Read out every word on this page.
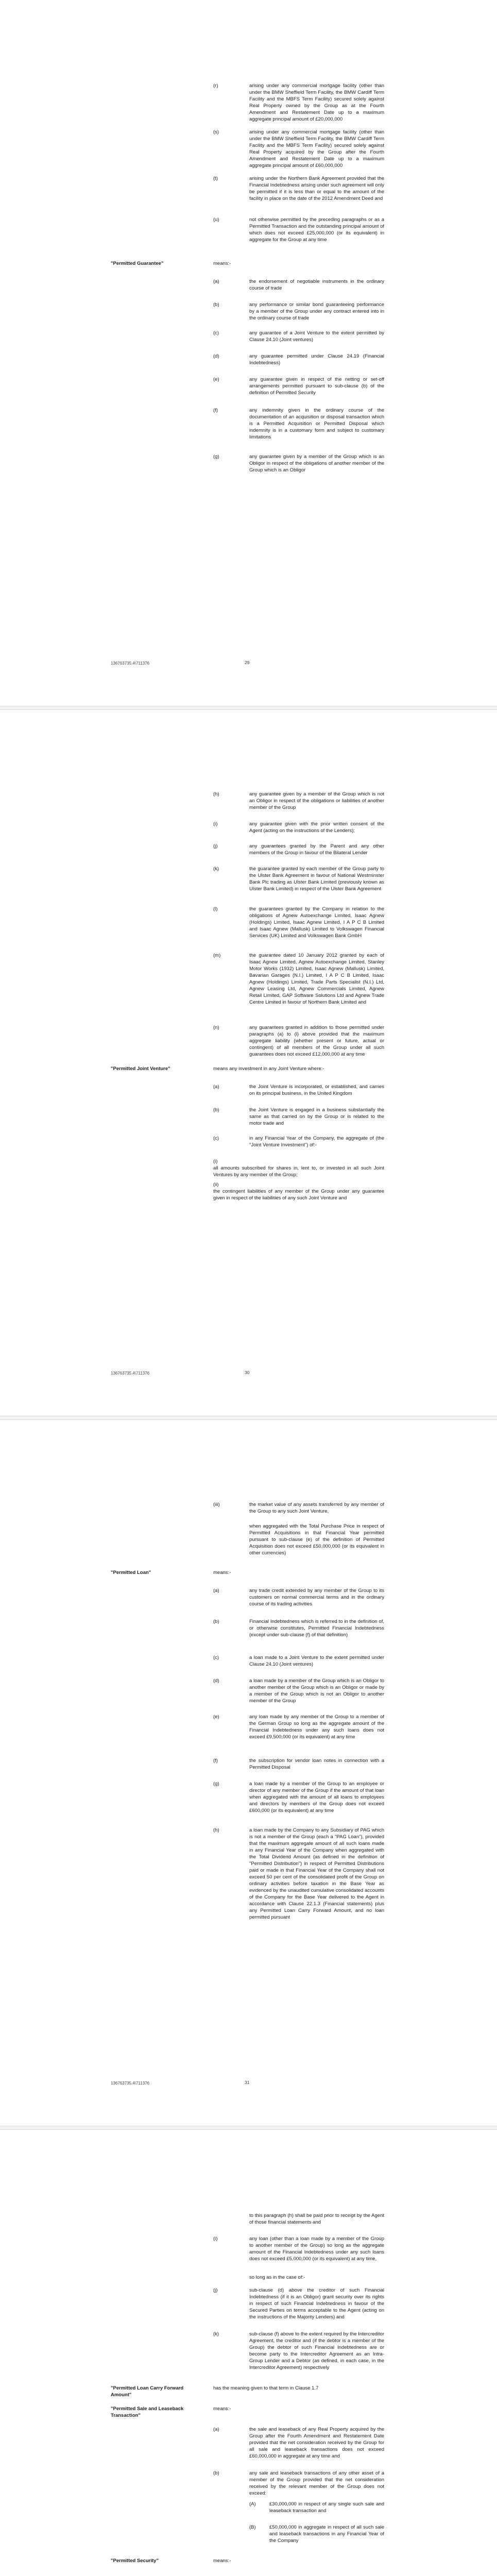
(r)	arising under any commercial mortgage facility (other than under the BMW Sheffield Term Facility, the BMW Cardiff Term Facility and the MBFS Term Facility) secured solely against Real Property owned by the Group as at the Fourth Amendment and Restatement Date up to a maximum aggregate principal amount of £20,000,000
(s)	arising under any commercial mortgage facility (other than under the BMW Sheffield Term Facility, the BMW Cardiff Term Facility and the MBFS Term Facility) secured solely against Real Property acquired by the Group after the Fourth Amendment and Restatement Date up to a maximum aggregate principal amount of £60,000,000
(t)	arising under the Northern Bank Agreement provided that the Financial Indebtedness arising under such agreement will only be permitted if it is less than or equal to the amount of the facility in place on the date of the 2012 Amendment Deed and
(u)	not otherwise permitted by the preceding paragraphs or as a Permitted Transaction and the outstanding principal amount of which does not exceed £25,000,000 (or its equivalent) in aggregate for the Group at any time
"Permitted Guarantee"	means:-
(a)	the endorsement of negotiable instruments in the ordinary course of trade
(b)	any performance or similar bond guaranteeing performance by a member of the Group under any contract entered into in the ordinary course of trade
(c)	any guarantee of a Joint Venture to the extent permitted by Clause 24.10 (Joint ventures)
(d)	any guarantee permitted under Clause 24.19 (Financial Indebtedness)
(e)	any guarantee given in respect of the netting or set-off arrangements permitted pursuant to sub-clause (b) of the definition of Permitted Security
(f)	any indemnity given in the ordinary course of the documentation of an acquisition or disposal transaction which is a Permitted Acquisition or Permitted Disposal which indemnity is in a customary form and subject to customary limitations
(g)	any guarantee given by a member of the Group which is an Obligor in respect of the obligations of another member of the Group which is an Obligor
136763735.4\711376	29
(h)	any guarantee given by a member of the Group which is not an Obligor in respect of the obligations or liabilities of another member of the Group
(i)	any guarantee given with the prior written consent of the Agent (acting on the instructions of the Lenders);
(j)	any guarantees granted by the Parent and any other members of the Group in favour of the Bilateral Lender
(k)	the guarantee granted by each member of the Group party to the Ulster Bank Agreement in favour of National Westminster Bank Plc trading as Ulster Bank Limited (previously known as Ulster Bank Limited) in respect of the Ulster Bank Agreement
(l)	the guarantees granted by the Company in relation to the obligations of Agnew Autoexchange Limited, Isaac Agnew (Holdings) Limited, Isaac Agnew Limited, I A P C B Limited and Isaac Agnew (Mallusk) Limited to Volkswagen Financial Services (UK) Limited and Volkswagen Bank GmbH
(m)	the guarantee dated 10 January 2012 granted by each of Isaac Agnew Limited, Agnew Autoexchange Limited, Stanley Motor Works (1932) Limited, Isaac Agnew (Mallusk) Limited, Bavarian Garages (N.I.) Limited, I A P C B Limited, Isaac Agnew (Holdings) Limited, Trade Parts Specialist (N.I.) Ltd, Agnew Leasing Ltd, Agnew Commercials Limited, Agnew Retail Limited, GAP Software Solutions Ltd and Agnew Trade Centre Limited in favour of Northern Bank Limited and
(n)	any guarantees granted in addition to those permitted under paragraphs (a) to (l) above provided that the maximum aggregate liability (whether present or future, actual or contingent) of all members of the Group under all such guarantees does not exceed £12,000,000 at any time
"Permitted Joint Venture"	means any investment in any Joint Venture where:-
(a)	the Joint Venture is incorporated, or established, and carries on its principal business, in the United Kingdom
(b)	the Joint Venture is engaged in a business substantially the same as that carried on by the Group or is related to the motor trade and
(c)	in any Financial Year of the Company, the aggregate of (the "Joint Venture Investment") of:-
(i)
all amounts subscribed for shares in, lent to, or invested in all such Joint Ventures by any member of the Group;
(ii)
the contingent liabilities of any member of the Group under any guarantee given in respect of the liabilities of any such Joint Venture and
136763735.4\711376	30
(iii)	the market value of any assets transferred by any member of the Group to any such Joint Venture,
when aggregated with the Total Purchase Price in respect of Permitted Acquisitions in that Financial Year permitted pursuant to sub-clause (e) of the definition of Permitted Acquisition does not exceed £50,000,000 (or its equivalent in other currencies)
"Permitted Loan"	means:-
(a)	any trade credit extended by any member of the Group to its customers on normal commercial terms and in the ordinary course of its trading activities
(b)	Financial Indebtedness which is referred to in the definition of, or otherwise constitutes, Permitted Financial Indebtedness (except under sub-clause (f) of that definition)
(c)	a loan made to a Joint Venture to the extent permitted under Clause 24.10 (Joint ventures)
(d)	a loan made by a member of the Group which is an Obligor to another member of the Group which is an Obligor or made by a member of the Group which is not an Obligor to another member of the Group
(e)	any loan made by any member of the Group to a member of the German Group so long as the aggregate amount of the Financial Indebtedness under any such loans does not exceed £9,500,000 (or its equivalent) at any time
(f)	the subscription for vendor loan notes in connection with a Permitted Disposal
(g)	a loan made by a member of the Group to an employee or director of any member of the Group if the amount of that loan when aggregated with the amount of all loans to employees and directors by members of the Group does not exceed £600,000 (or its equivalent) at any time
(h)	a loan made by the Company to any Subsidiary of PAG which is not a member of the Group (each a "PAG Loan"), provided that the maximum aggregate amount of all such loans made in any Financial Year of the Company when aggregated with the Total Dividend Amount (as defined in the definition of "Permitted Distribution") in respect of Permitted Distributions paid or made in that Financial Year of the Company shall not exceed 50 per cent of the consolidated profit of the Group on ordinary activities before taxation in the Base Year as evidenced by the unaudited cumulative consolidated accounts of the Company for the Base Year delivered to the Agent in accordance with Clause 22.1.3 (Financial statements) plus any Permitted Loan Carry Forward Amount, and no loan permitted pursuant
136763735.4\711376	31
to this paragraph (h) shall be paid prior to receipt by the Agent of those financial statements and
(i)	any loan (other than a loan made by a member of the Group to another member of the Group) so long as the aggregate amount of the Financial Indebtedness under any such loans does not exceed £5,000,000 (or its equivalent) at any time,
so long as in the case of:-
(j)	sub-clause (d) above the creditor of such Financial Indebtedness (if it is an Obligor) grant security over its rights in respect of such Financial Indebtedness in favour of the Secured Parties on terms acceptable to the Agent (acting on the instructions of the Majority Lenders) and
(k)	sub-clause (f) above to the extent required by the Intercreditor Agreement, the creditor and (if the debtor is a member of the Group) the debtor of such Financial Indebtedness are or become party to the Intercreditor Agreement as an Intra-Group Lender and a Debtor (as defined, in each case, in the Intercreditor Agreement) respectively
"Permitted Loan Carry Forward Amount"
has the meaning given to that term in Clause 1.7
"Permitted Sale and Leaseback Transaction"
means:-
(a)	the sale and leaseback of any Real Property acquired by the Group after the Fourth Amendment and Restatement Date provided that the net consideration received by the Group for all sale and leaseback transactions does not exceed £60,000,000 in aggregate at any time and
(b)	any sale and leaseback transactions of any other asset of a member of the Group provided that the net consideration received by the relevant member of the Group does not exceed:
(A)	£30,000,000 in respect of any single such sale and leaseback transaction and
(B)	£50,000,000 in aggregate in respect of all such sale and leaseback transactions in any Financial Year of the Company
"Permitted Security"	means:-
